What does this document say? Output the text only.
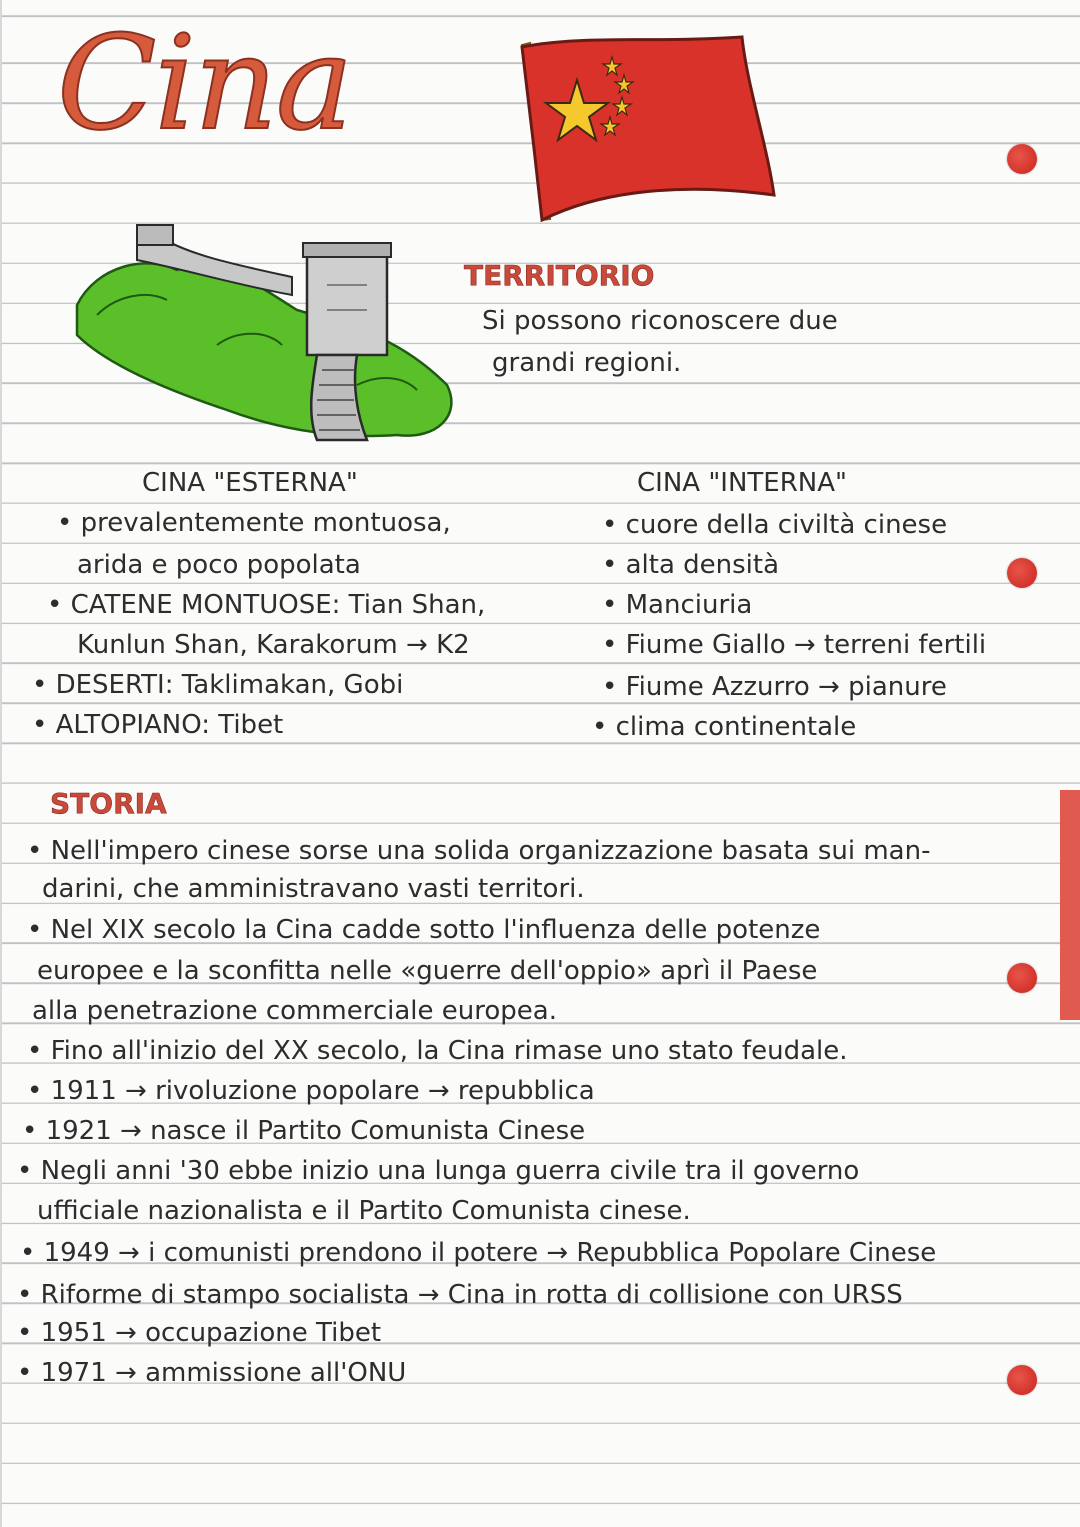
Cina
TERRITORIO
Si possono riconoscere due
grandi regioni.
CINA "ESTERNA"
• prevalentemente montuosa,
arida e poco popolata
• CATENE MONTUOSE: Tian Shan,
Kunlun Shan, Karakorum → K2
• DESERTI: Taklimakan, Gobi
• ALTOPIANO: Tibet
CINA "INTERNA"
• cuore della civiltà cinese
• alta densità
• Manciuria
• Fiume Giallo → terreni fertili
• Fiume Azzurro → pianure
• clima continentale
STORIA
• Nell'impero cinese sorse una solida organizzazione basata sui man-
darini, che amministravano vasti territori.
• Nel XIX secolo la Cina cadde sotto l'influenza delle potenze
europee e la sconfitta nelle «guerre dell'oppio» aprì il Paese
alla penetrazione commerciale europea.
• Fino all'inizio del XX secolo, la Cina rimase uno stato feudale.
• 1911 → rivoluzione popolare → repubblica
• 1921 → nasce il Partito Comunista Cinese
• Negli anni '30 ebbe inizio una lunga guerra civile tra il governo
ufficiale nazionalista e il Partito Comunista cinese.
• 1949 → i comunisti prendono il potere → Repubblica Popolare Cinese
• Riforme di stampo socialista → Cina in rotta di collisione con URSS
• 1951 → occupazione Tibet
• 1971 → ammissione all'ONU
